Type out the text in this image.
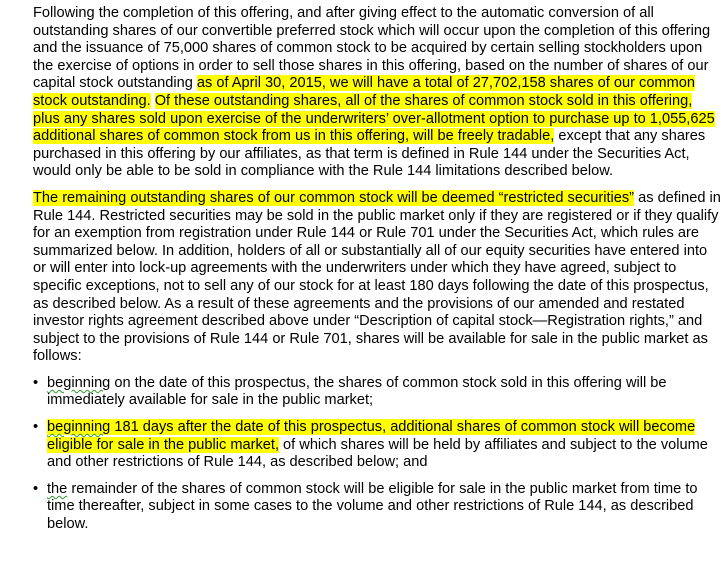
Following the completion of this offering, and after giving effect to the automatic conversion of all outstanding shares of our convertible preferred stock which will occur upon the completion of this offering and the issuance of 75,000 shares of common stock to be acquired by certain selling stockholders upon the exercise of options in order to sell those shares in this offering, based on the number of shares of our capital stock outstanding as of April 30, 2015, we will have a total of 27,702,158 shares of our common stock outstanding. Of these outstanding shares, all of the shares of common stock sold in this offering, plus any shares sold upon exercise of the underwriters’ over-allotment option to purchase up to 1,055,625 additional shares of common stock from us in this offering, will be freely tradable, except that any shares purchased in this offering by our affiliates, as that term is defined in Rule 144 under the Securities Act, would only be able to be sold in compliance with the Rule 144 limitations described below.

The remaining outstanding shares of our common stock will be deemed “restricted securities” as defined in Rule 144. Restricted securities may be sold in the public market only if they are registered or if they qualify for an exemption from registration under Rule 144 or Rule 701 under the Securities Act, which rules are summarized below. In addition, holders of all or substantially all of our equity securities have entered into or will enter into lock-up agreements with the underwriters under which they have agreed, subject to specific exceptions, not to sell any of our stock for at least 180 days following the date of this prospectus, as described below. As a result of these agreements and the provisions of our amended and restated investor rights agreement described above under “Description of capital stock—Registration rights,” and subject to the provisions of Rule 144 or Rule 701, shares will be available for sale in the public market as follows:

• beginning on the date of this prospectus, the shares of common stock sold in this offering will be immediately available for sale in the public market;
• beginning 181 days after the date of this prospectus, additional shares of common stock will become eligible for sale in the public market, of which shares will be held by affiliates and subject to the volume and other restrictions of Rule 144, as described below; and
• the remainder of the shares of common stock will be eligible for sale in the public market from time to time thereafter, subject in some cases to the volume and other restrictions of Rule 144, as described below.
